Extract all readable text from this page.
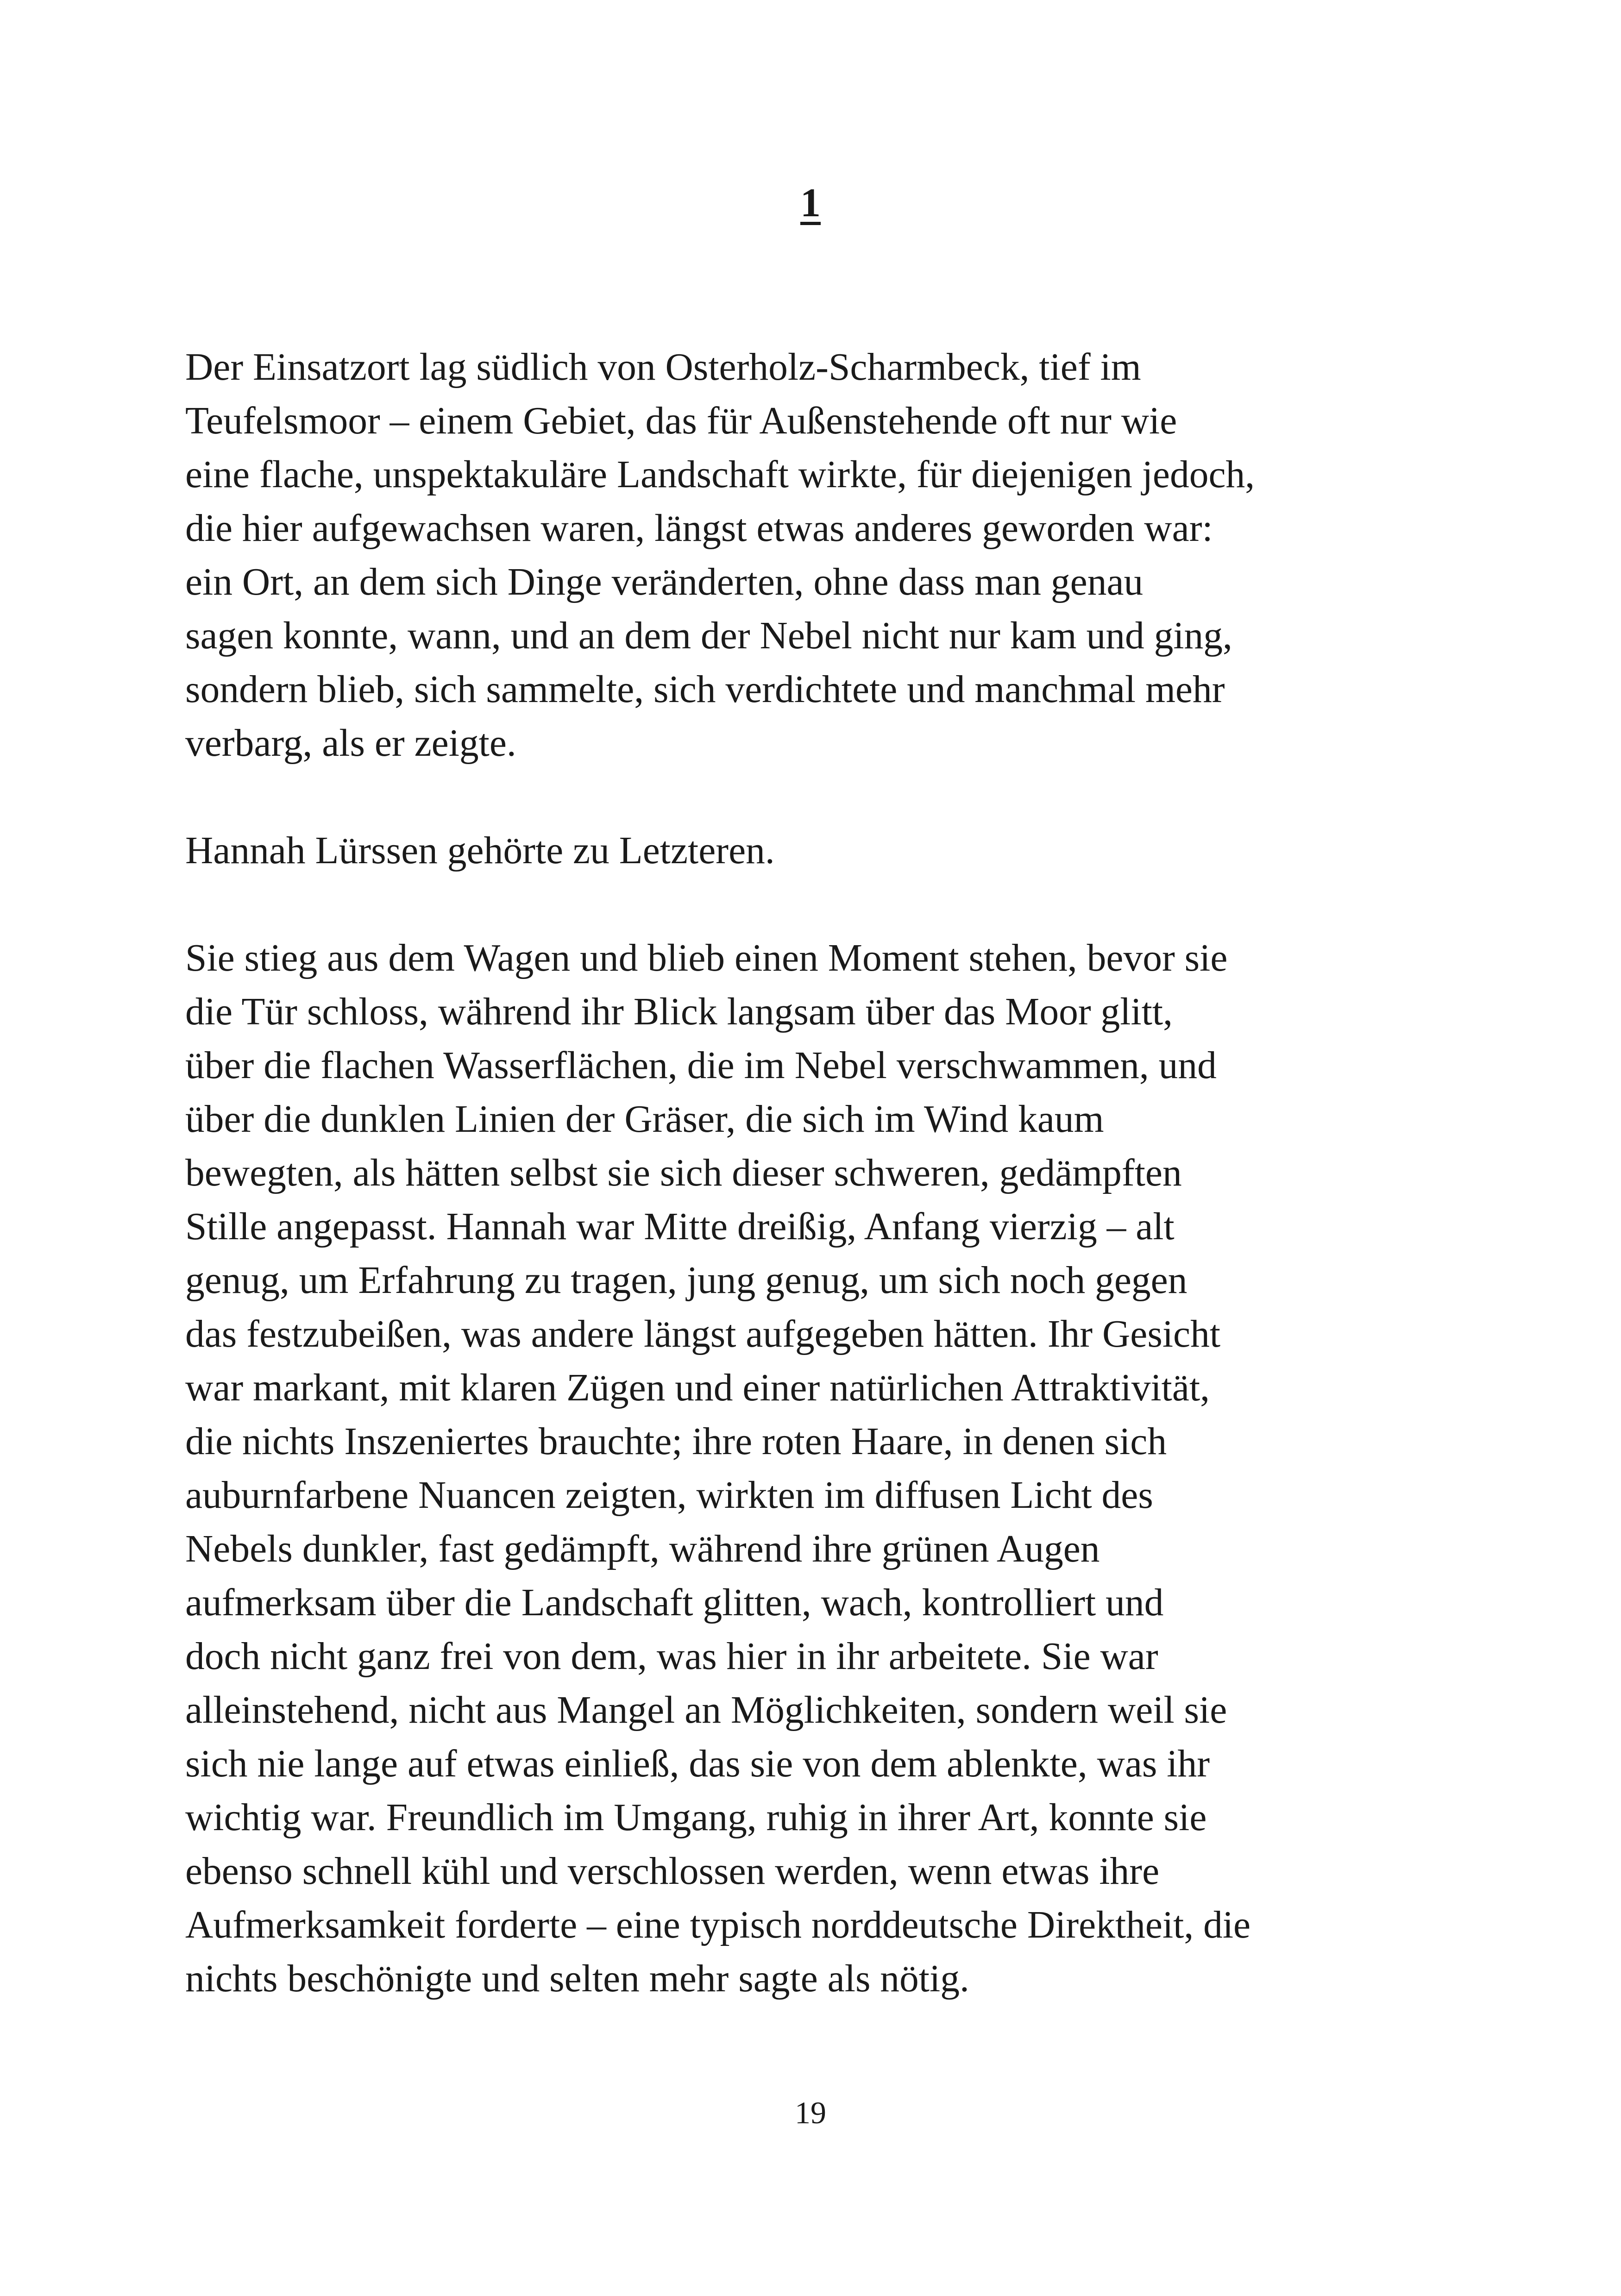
1

Der Einsatzort lag südlich von Osterholz-Scharmbeck, tief im
Teufelsmoor – einem Gebiet, das für Außenstehende oft nur wie
eine flache, unspektakuläre Landschaft wirkte, für diejenigen jedoch,
die hier aufgewachsen waren, längst etwas anderes geworden war:
ein Ort, an dem sich Dinge veränderten, ohne dass man genau
sagen konnte, wann, und an dem der Nebel nicht nur kam und ging,
sondern blieb, sich sammelte, sich verdichtete und manchmal mehr
verbarg, als er zeigte.

Hannah Lürssen gehörte zu Letzteren.

Sie stieg aus dem Wagen und blieb einen Moment stehen, bevor sie
die Tür schloss, während ihr Blick langsam über das Moor glitt,
über die flachen Wasserflächen, die im Nebel verschwammen, und
über die dunklen Linien der Gräser, die sich im Wind kaum
bewegten, als hätten selbst sie sich dieser schweren, gedämpften
Stille angepasst. Hannah war Mitte dreißig, Anfang vierzig – alt
genug, um Erfahrung zu tragen, jung genug, um sich noch gegen
das festzubeißen, was andere längst aufgegeben hätten. Ihr Gesicht
war markant, mit klaren Zügen und einer natürlichen Attraktivität,
die nichts Inszeniertes brauchte; ihre roten Haare, in denen sich
auburnfarbene Nuancen zeigten, wirkten im diffusen Licht des
Nebels dunkler, fast gedämpft, während ihre grünen Augen
aufmerksam über die Landschaft glitten, wach, kontrolliert und
doch nicht ganz frei von dem, was hier in ihr arbeitete. Sie war
alleinstehend, nicht aus Mangel an Möglichkeiten, sondern weil sie
sich nie lange auf etwas einließ, das sie von dem ablenkte, was ihr
wichtig war. Freundlich im Umgang, ruhig in ihrer Art, konnte sie
ebenso schnell kühl und verschlossen werden, wenn etwas ihre
Aufmerksamkeit forderte – eine typisch norddeutsche Direktheit, die
nichts beschönigte und selten mehr sagte als nötig.

19
